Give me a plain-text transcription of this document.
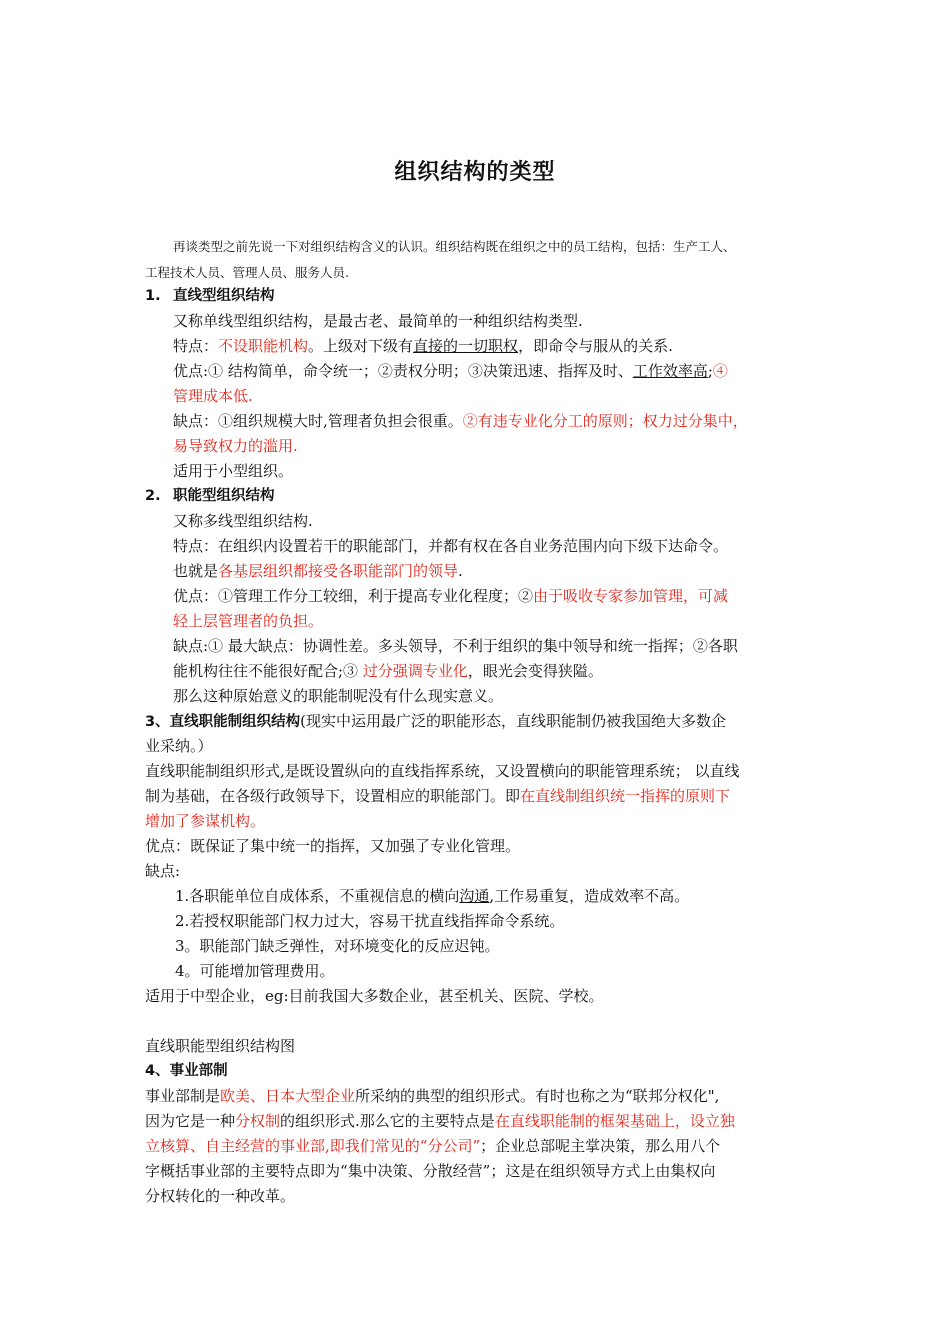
组织结构的类型
再谈类型之前先说一下对组织结构含义的认识。组织结构既在组织之中的员工结构，包括：生产工人、
工程技术人员、管理人员、服务人员.
1. 直线型组织结构
又称单线型组织结构，是最古老、最简单的一种组织结构类型.
特点：不设职能机构。上级对下级有直接的一切职权，即命令与服从的关系.
优点:① 结构简单，命令统一；②责权分明；③决策迅速、指挥及时、工作效率高;④
管理成本低.
缺点：①组织规模大时,管理者负担会很重。②有违专业化分工的原则；权力过分集中，
易导致权力的滥用.
适用于小型组织。
2. 职能型组织结构
又称多线型组织结构.
特点：在组织内设置若干的职能部门，并都有权在各自业务范围内向下级下达命令。
也就是各基层组织都接受各职能部门的领导.
优点：①管理工作分工较细，利于提高专业化程度；②由于吸收专家参加管理，可减
轻上层管理者的负担。
缺点:① 最大缺点：协调性差。多头领导，不利于组织的集中领导和统一指挥；②各职
能机构往往不能很好配合;③ 过分强调专业化，眼光会变得狭隘。
那么这种原始意义的职能制呢没有什么现实意义。
3、直线职能制组织结构(现实中运用最广泛的职能形态，直线职能制仍被我国绝大多数企
业采纳。）
直线职能制组织形式,是既设置纵向的直线指挥系统，又设置横向的职能管理系统； 以直线
制为基础，在各级行政领导下，设置相应的职能部门。即在直线制组织统一指挥的原则下
增加了参谋机构。
优点：既保证了集中统一的指挥，又加强了专业化管理。
缺点:
1.各职能单位自成体系，不重视信息的横向沟通,工作易重复，造成效率不高。
2.若授权职能部门权力过大，容易干扰直线指挥命令系统。
3。职能部门缺乏弹性，对环境变化的反应迟钝。
4。可能增加管理费用。
适用于中型企业，eg:目前我国大多数企业，甚至机关、医院、学校。
直线职能型组织结构图
4、事业部制
事业部制是欧美、日本大型企业所采纳的典型的组织形式。有时也称之为“联邦分权化",
因为它是一种分权制的组织形式.那么它的主要特点是在直线职能制的框架基础上，设立独
立核算、自主经营的事业部,即我们常见的“分公司”；企业总部呢主掌决策，那么用八个
字概括事业部的主要特点即为“集中决策、分散经营”；这是在组织领导方式上由集权向
分权转化的一种改革。
